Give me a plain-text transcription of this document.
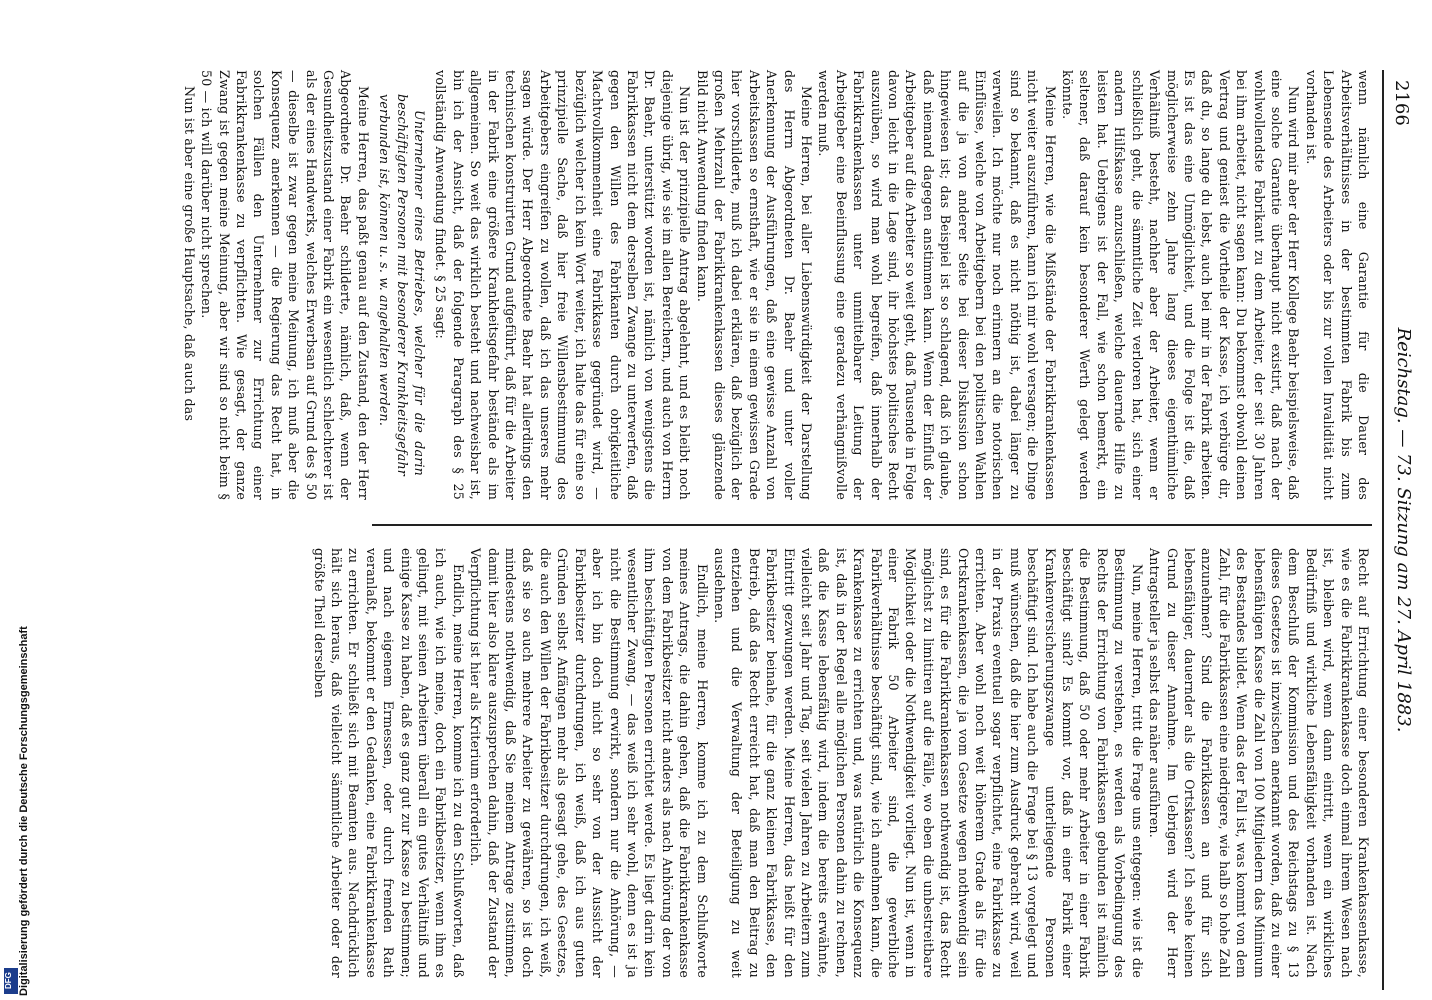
2166
Reichstag. — 73. Sitzung am 27. April 1883.

wenn nämlich eine Garantie für die Dauer des Arbeitsverhältnisses in der bestimmten Fabrik bis zum Lebensende des Arbeiters oder bis zur vollen Invalidität nicht vorhanden ist.

Nun wird mir aber der Herr Kollege Baehr beispielsweise, daß eine solche Garantie überhaupt nicht existirt, daß nach der wohlwollendste Fabrikant zu dem Arbeiter, der seit 30 Jahren bei ihm arbeitet, nicht sagen kann: Du bekommst obwohl deinen Vertrag und geniest die Vortheile der Kasse, ich verbürge dir, daß du, so lange du lebst, auch bei mir in der Fabrik arbeiten. Es ist das eine Unmöglichkeit, und die Folge ist die, daß möglicherweise zehn Jahre lang dieses eigenthümliche Verhältniß besteht, nachher aber der Arbeiter, wenn er schließlich geht, die sämmtliche Zeit verloren hat, sich einer andern Hilfskasse anzuschließen, welche dauernde Hilfe zu leisten hat. Uebrigens ist der Fall, wie schon bemerkt, ein seltener, daß darauf kein besonderer Werth gelegt werden könnte.

Meine Herren, wie die Mißstände der Fabrikkrankenkassen nicht weiter auszuführen, kann ich mir wohl versagen; die Dinge sind so bekannt, daß es nicht nöthig ist, dabei länger zu verweilen. Ich möchte nur noch erinnern an die notorischen Einflüsse, welche von Arbeitgebern bei den politischen Wahlen auf die ja von anderer Seite bei dieser Diskussion schon hingewiesen ist; das Beispiel ist so schlagend, daß ich glaube, daß niemand dagegen anstimmen kann. Wenn der Einfluß der Arbeitgeber auf die Arbeiter so weit geht, daß Tausende in Folge davon leicht in die Lage sind, ihr höchstes politisches Recht auszuüben, so wird man wohl begreifen, daß innerhalb der Fabrikkrankenkassen unter unmittelbarer Leitung der Arbeitgeber eine Beeinflussung eine geradezu verhängnißvolle werden muß.

Meine Herren, bei aller Liebenswürdigkeit der Darstellung des Herrn Abgeordneten Dr. Baehr und unter voller Anerkennung der Ausführungen, daß eine gewisse Anzahl von Arbeitskassen so ernsthaft, wie er sie in einem gewissen Grade hier vorschilderte, muß ich dabei erklären, daß bezüglich der großen Mehrzahl der Fabrikkrankenkassen dieses glänzende Bild nicht Anwendung finden kann.

Nun ist der prinzipielle Antrag abgelehnt, und es bleibt noch diejenige übrig, wie sie im allen Bereichern, und auch von Herrn Dr. Baehr, unterstützt worden ist, nämlich von wenigstens die Fabrikkassen nicht dem derselben Zwange zu unterwerfen, daß gegen den Willen des Fabrikanten durch obrigkeitliche Machtvollkommenheit eine Fabrikkasse gegründet wird, — bezüglich welcher ich kein Wort weiter, ich halte das für eine so prinzipielle Sache, daß hier freie Willensbestimmung des Arbeitgebers eingreifen zu wollen, daß ich das unseres mehr sagen würde. Der Herr Abgeordnete Baehr hat allerdings den technischen konstruirten Grund aufgeführt, daß für die Arbeiter in der Fabrik eine größere Krankheitsgefahr bestände als im allgemeinen. So weit das wirklich besteht und nachweisbar ist, bin ich der Ansicht, daß der folgende Paragraph des § 25 vollständig Anwendung findet. § 25 sagt:

Unternehmer eines Betriebes, welcher für die darin beschäftigten Personen mit besonderer Krankheitsgefahr verbunden ist, können u. s. w. angehalten werden.

Meine Herren, das paßt genau auf den Zustand, den der Herr Abgeordnete Dr. Baehr schilderte, nämlich, daß, wenn der Gesundheitszustand einer Fabrik ein wesentlich schlechterer ist als der eines Handwerks, welches Erwerbsan auf Grund des § 50 — dieselbe ist zwar gegen meine Meinung, ich muß aber die Konsequenz anerkennen — die Regierung das Recht hat, in solchen Fällen den Unternehmer zur Errichtung einer Fabrikkrankenkasse zu verpflichten. Wie gesagt, der ganze Zwang ist gegen meine Meinung, aber wir sind so nicht beim § 50 — ich will darüber nicht sprechen.

Nun ist aber eine große Hauptsache, daß auch das

Recht auf Errichtung einer besonderen Krankenkassenkasse, wie es die Fabrikkrankenkasse doch einmal ihrem Wesen nach ist, bleiben wird, wenn dann eintritt, wenn ein wirkliches Bedürfniß und wirkliche Lebensfähigkeit vorhanden ist. Nach dem Beschluß der Kommission und des Reichstags zu § 13 dieses Gesetzes ist inzwischen anerkannt worden, daß zu einer lebensfähigen Kasse die Zahl von 100 Mitgliedern das Minimum des Bestandes bildet. Wenn das der Fall ist, was kommt von dem Zahl, für die Fabrikkassen eine niedrigere, wie halb so hohe Zahl anzunehmen? Sind die Fabrikkassen an und für sich lebensfähiger, dauernder als die Ortskassen? Ich sehe keinen Grund zu dieser Annahme. Im Uebrigen wird der Herr Antragsteller ja selbst das näher ausführen.

Nun, meine Herren, tritt die Frage uns entgegen: wie ist die Bestimmung zu verstehen, es werden als Vorbedingung des Rechts der Errichtung von Fabrikkassen gebunden ist nämlich die Bestimmung, daß 50 oder mehr Arbeiter in einer Fabrik beschäftigt sind? Es kommt vor, daß in einer Fabrik einer Krankenversicherungszwange unterliegende Personen beschäftigt sind. Ich habe auch die Frage bei § 13 vorgelegt und muß wünschen, daß die hier zum Ausdruck gebracht wird, weil in der Praxis eventuell sogar verpflichtet, eine Fabrikkasse zu errichten. Aber wohl noch weit höherem Grade als für die Ortskrankenkassen, die ja vom Gesetze wegen nothwendig sein sind, es für die Fabrikkrankenkassen nothwendig ist, das Recht möglichst zu limitiren auf die Fälle, wo eben die unbestreitbare Möglichkeit oder die Nothwendigkeit vorliegt. Nun ist, wenn in einer Fabrik 50 Arbeiter sind, die gewerbliche Fabrikverhältnisse beschäftigt sind, wie ich annehmen kann, die Krankenkasse zu errichten und, was natürlich die Konsequenz ist, daß in der Regel alle möglichen Personen dahin zu rechnen, daß die Kasse lebensfähig wird, indem die bereits erwähnte, vielleicht seit Jahr und Tag, seit vielen Jahren zu Arbeitern zum Eintritt gezwungen werden. Meine Herren, das heißt für den Fabrikbesitzer beinahe, für die ganz kleinen Fabrikkasse, den Betrieb, daß das Recht erreicht hat, daß man den Beitrag zu entziehen und die Verwaltung der Beteiligung zu weit ausdehnen.

Endlich, meine Herren, komme ich zu dem Schlußworte meines Antrags, die dahin gehen, daß die Fabrikkrankenkasse von dem Fabrikbesitzer nicht anders als nach Anhörung der von ihm beschäftigten Personen errichtet werde. Es liegt darin kein wesentlicher Zwang, — das weiß ich sehr wohl, denn es ist ja nicht die Bestimmung erwirkt, sondern nur die Anhörung, — aber ich bin doch nicht so sehr von der Aussicht der Fabrikbesitzer durchdrungen, ich weiß, daß ich aus guten Gründen selbst Anfängen mehr als gesagt gehe, des Gesetzes, die auch den Willen der Fabrikbesitzer durchdrungen, ich weiß, daß sie so auch mehrere Arbeiter zu gewähren, so ist doch mindestens nothwendig, daß Sie meinem Antrage zustimmen, damit hier also klare auszusprechen dahin, daß der Zustand der Verpflichtung ist hier als Kriterium erforderlich.

Endlich, meine Herren, komme ich zu den Schlußworten, daß ich auch, wie ich meine, doch ein Fabrikbesitzer, wenn ihm es gelingt, mit seinen Arbeitern überall ein gutes Verhältniß und einige Kasse zu haben, daß es ganz gut zur Kasse zu bestimmen; und nach eigenem Ermessen, oder durch fremden Rath veranlaßt, bekommt er den Gedanken, eine Fabrikkrankenkasse zu errichten. Er schließt sich mit Beamten aus. Nachdrücklich hält sich heraus, daß vielleicht sämmtliche Arbeiter oder der größte Theil derselben

Digitalisierung gefördert durch die Deutsche Forschungsgemeinschaft
DFG
